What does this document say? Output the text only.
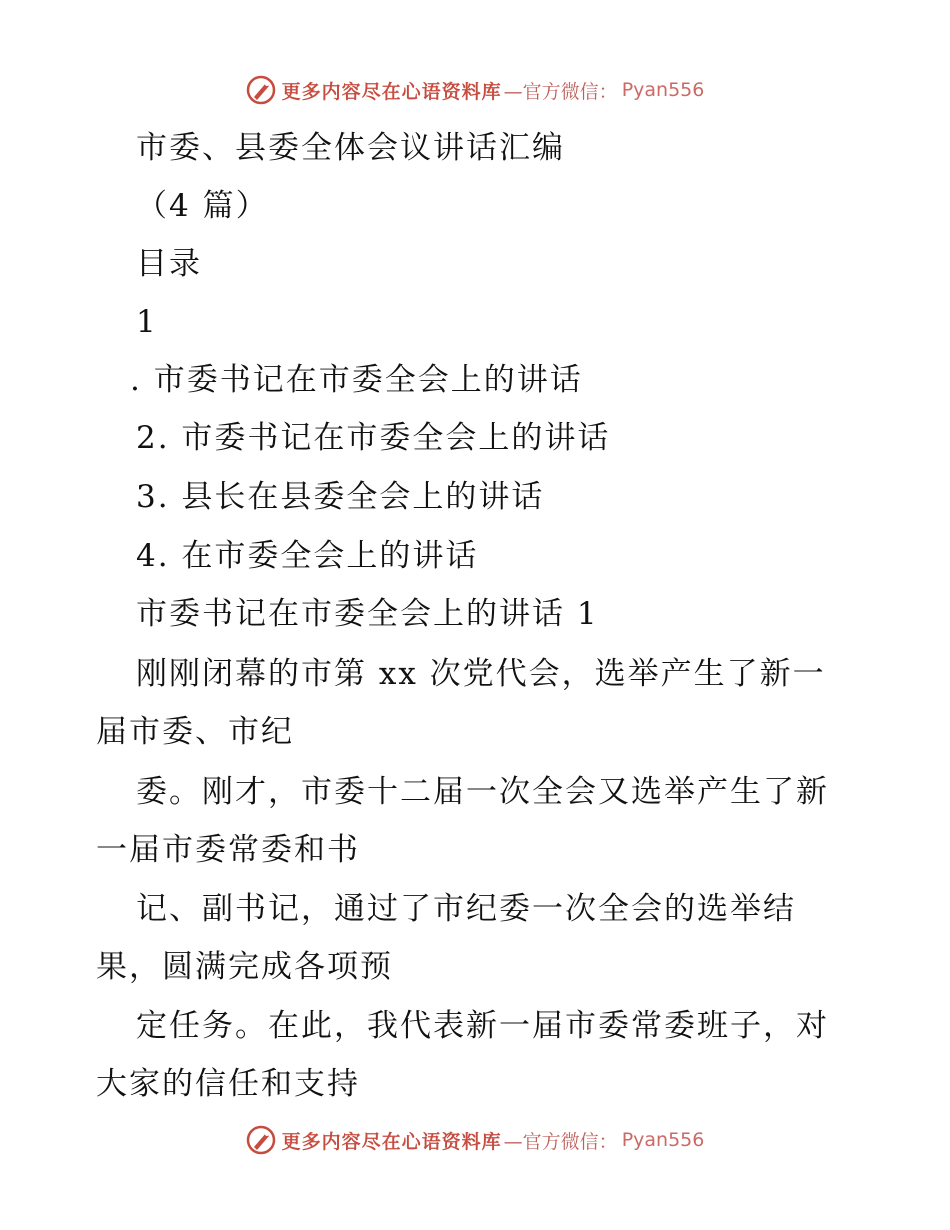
更多内容尽在心语资料库 —官方微信： Pyan556
市委、县委全体会议讲话汇编
（4 篇）
目录
1
. 市委书记在市委全会上的讲话
2. 市委书记在市委全会上的讲话
3. 县长在县委全会上的讲话
4. 在市委全会上的讲话
市委书记在市委全会上的讲话 1
刚刚闭幕的市第 xx 次党代会，选举产生了新一
届市委、市纪
委。刚才，市委十二届一次全会又选举产生了新
一届市委常委和书
记、副书记，通过了市纪委一次全会的选举结
果，圆满完成各项预
定任务。在此，我代表新一届市委常委班子，对
大家的信任和支持
更多内容尽在心语资料库 —官方微信： Pyan556
